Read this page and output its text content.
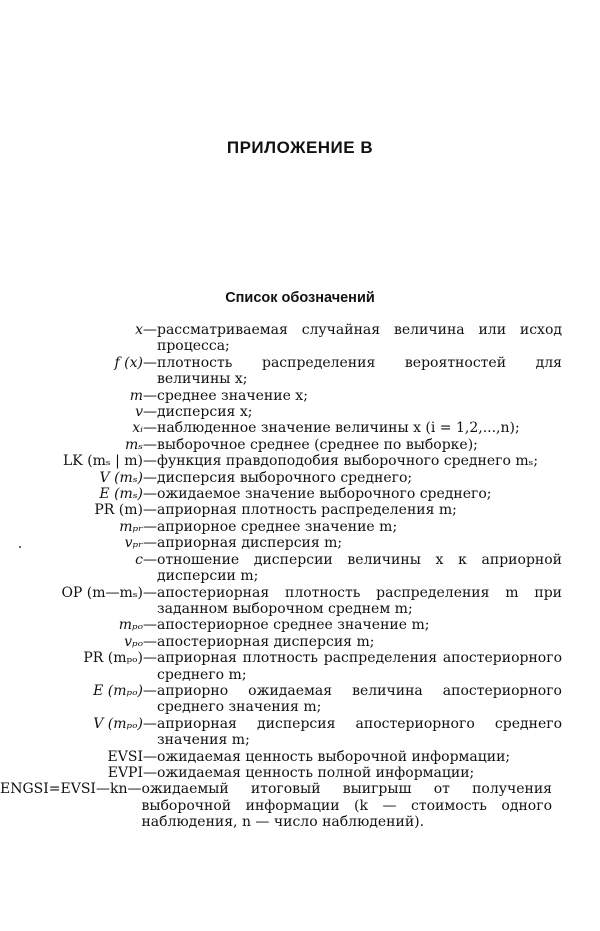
ПРИЛОЖЕНИЕ В
Список обозначений
x — рассматриваемая случайная величина или исход процесса;
f (x) — плотность распределения вероятностей для величины x;
m — среднее значение x;
v — дисперсия x;
xᵢ — наблюденное значение величины x (i = 1,2,...,n);
mₛ — выборочное среднее (среднее по выборке);
LK (mₛ | m) — функция правдоподобия выборочного среднего mₛ;
V (mₛ) — дисперсия выборочного среднего;
E (mₛ) — ожидаемое значение выборочного среднего;
PR (m) — априорная плотность распределения m;
mₚᵣ — априорное среднее значение m;
vₚᵣ — априорная дисперсия m;
c — отношение дисперсии величины x к априорной дисперсии m;
OP (m—mₛ) — апостериорная плотность распределения m при заданном выборочном среднем m;
mₚₒ — апостериорное среднее значение m;
vₚₒ — апостериорная дисперсия m;
PR (mₚₒ) — априорная плотность распределения апостериорного среднего m;
E (mₚₒ) — априорно ожидаемая величина апостериорного среднего значения m;
V (mₚₒ) — априорная дисперсия апостериорного среднего значения m;
EVSI — ожидаемая ценность выборочной информации;
EVPI — ожидаемая ценность полной информации;
ENGSI=EVSI—kn — ожидаемый итоговый выигрыш от получения выборочной информации (k — стоимость одного наблюдения, n — число наблюдений).
